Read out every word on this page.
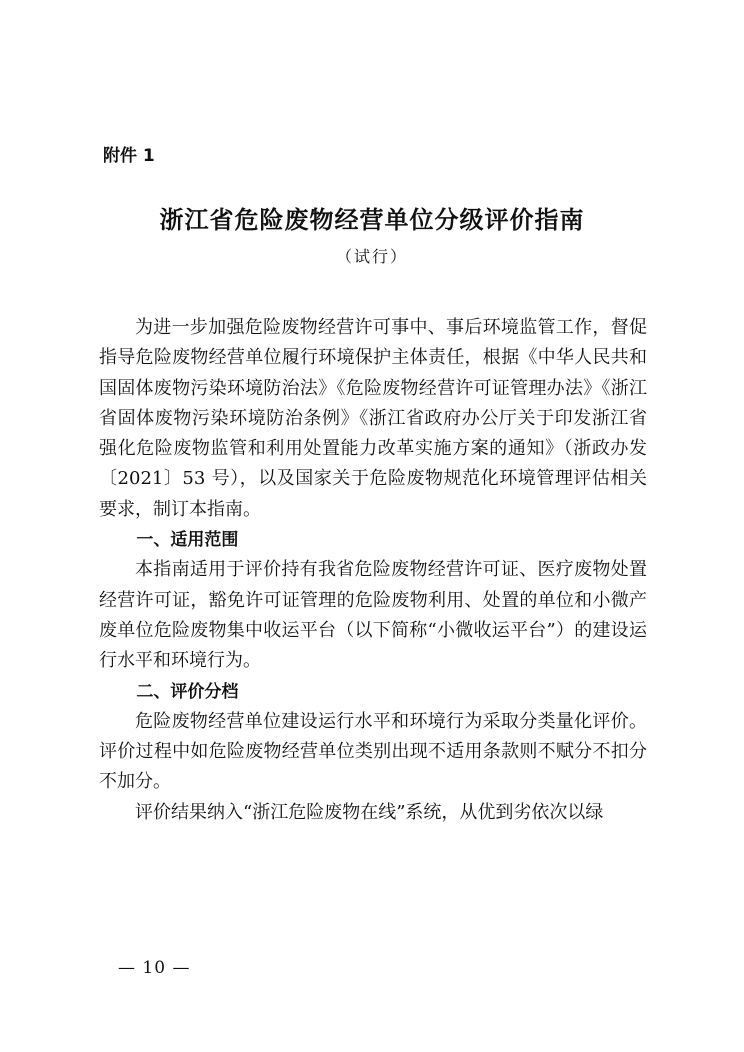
附件 1
浙江省危险废物经营单位分级评价指南
（试行）

为进一步加强危险废物经营许可事中、事后环境监管工作，督促指导危险废物经营单位履行环境保护主体责任，根据《中华人民共和国固体废物污染环境防治法》《危险废物经营许可证管理办法》《浙江省固体废物污染环境防治条例》《浙江省政府办公厅关于印发浙江省强化危险废物监管和利用处置能力改革实施方案的通知》（浙政办发〔2021〕53 号），以及国家关于危险废物规范化环境管理评估相关要求，制订本指南。

一、适用范围

本指南适用于评价持有我省危险废物经营许可证、医疗废物处置经营许可证，豁免许可证管理的危险废物利用、处置的单位和小微产废单位危险废物集中收运平台（以下简称“小微收运平台”）的建设运行水平和环境行为。

二、评价分档

危险废物经营单位建设运行水平和环境行为采取分类量化评价。评价过程中如危险废物经营单位类别出现不适用条款则不赋分不扣分不加分。

评价结果纳入“浙江危险废物在线”系统，从优到劣依次以绿

— 10 —
